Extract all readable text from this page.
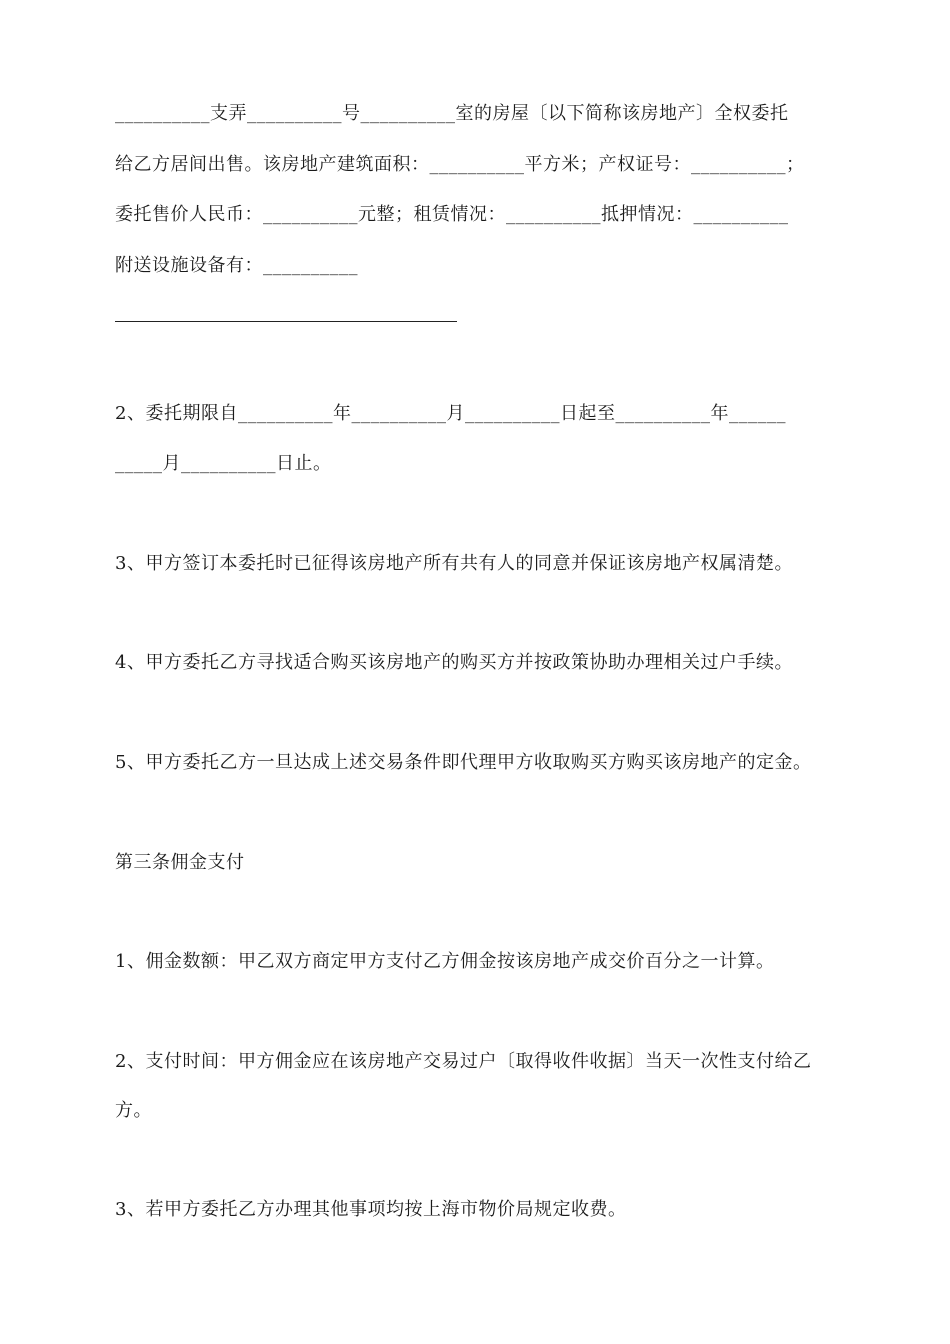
__________支弄__________号__________室的房屋〔以下简称该房地产〕全权委托
给乙方居间出售。该房地产建筑面积：__________平方米；产权证号：__________；
委托售价人民币：__________元整；租赁情况：__________抵押情况：__________
附送设施设备有：__________
2、委托期限自__________年__________月__________日起至__________年______
_____月__________日止。
3、甲方签订本委托时已征得该房地产所有共有人的同意并保证该房地产权属清楚。
4、甲方委托乙方寻找适合购买该房地产的购买方并按政策协助办理相关过户手续。
5、甲方委托乙方一旦达成上述交易条件即代理甲方收取购买方购买该房地产的定金。
第三条佣金支付
1、佣金数额：甲乙双方商定甲方支付乙方佣金按该房地产成交价百分之一计算。
2、支付时间：甲方佣金应在该房地产交易过户〔取得收件收据〕当天一次性支付给乙
方。
3、若甲方委托乙方办理其他事项均按上海市物价局规定收费。
